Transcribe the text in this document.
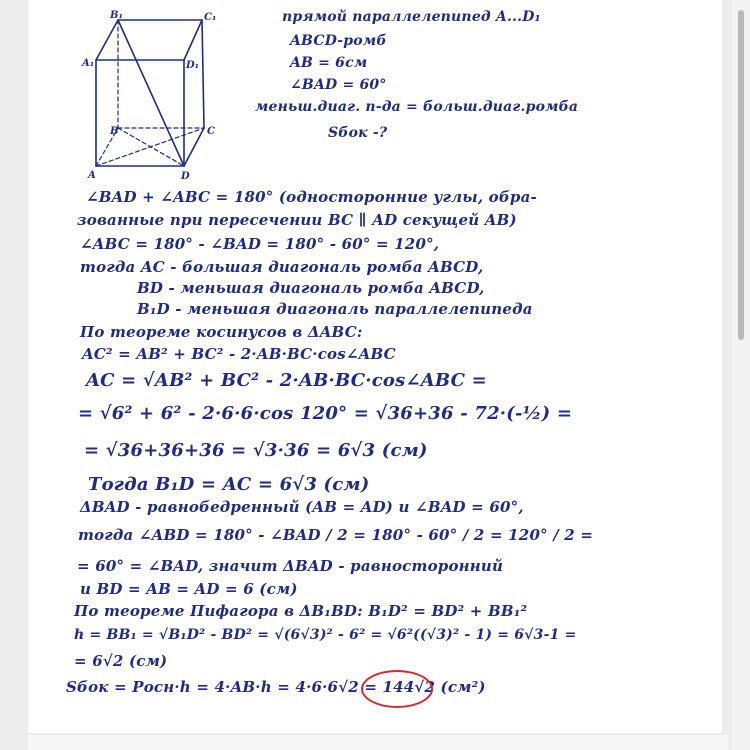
B₁	C₁
A₁	D₁
B	C
A	D
прямой параллелепипед A...D₁
ABCD-ромб
AB = 6см
∠BAD = 60°
меньш.диаг. п-да = больш.диаг.ромба
Sбок -?
∠BAD + ∠ABC = 180° (односторонние углы, обра-
зованные при пересечении BC ∥ AD секущей AB)
∠ABC = 180° - ∠BAD = 180° - 60° = 120°,
тогда AC - большая диагональ ромба ABCD,
BD - меньшая диагональ ромба ABCD,
B₁D - меньшая диагональ параллелепипеда
По теореме косинусов в ΔABC:
AC² = AB² + BC² - 2·AB·BC·cos∠ABC
AC = √AB² + BC² - 2·AB·BC·cos∠ABC =
= √6² + 6² - 2·6·6·cos 120° = √36+36 - 72·(-½) =
= √36+36+36 = √3·36 = 6√3 (см)
Тогда B₁D = AC = 6√3 (см)
ΔBAD - равнобедренный (AB = AD) и ∠BAD = 60°,
тогда ∠ABD = 180° - ∠BAD / 2 = 180° - 60° / 2 = 120° / 2 =
= 60° = ∠BAD, значит ΔBAD - равносторонний
и BD = AB = AD = 6 (см)
По теореме Пифагора в ΔB₁BD: B₁D² = BD² + BB₁²
h = BB₁ = √B₁D² - BD² = √(6√3)² - 6² = √6²((√3)² - 1) = 6√3-1 =
= 6√2 (см)
Sбок = Pосн·h = 4·AB·h = 4·6·6√2 = 144√2 (см²)
